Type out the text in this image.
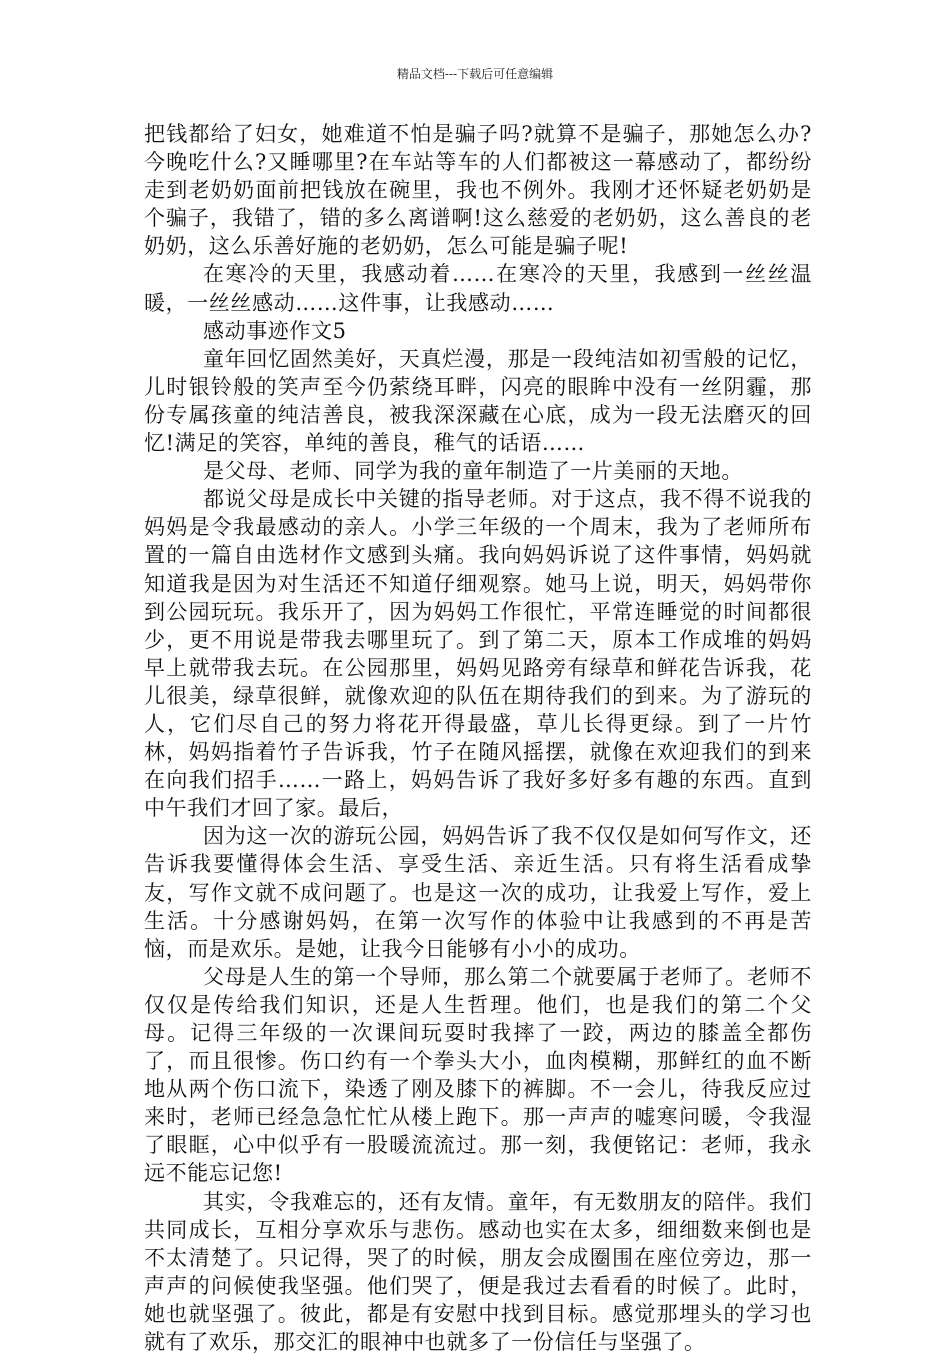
精品文档---下载后可任意编辑

把钱都给了妇女，她难道不怕是骗子吗?就算不是骗子，那她怎么办?今晚吃什么?又睡哪里?在车站等车的人们都被这一幕感动了，都纷纷走到老奶奶面前把钱放在碗里，我也不例外。我刚才还怀疑老奶奶是个骗子，我错了，错的多么离谱啊!这么慈爱的老奶奶，这么善良的老奶奶，这么乐善好施的老奶奶，怎么可能是骗子呢!

在寒冷的天里，我感动着……在寒冷的天里，我感到一丝丝温暖，一丝丝感动……这件事，让我感动……

感动事迹作文5

童年回忆固然美好，天真烂漫，那是一段纯洁如初雪般的记忆，儿时银铃般的笑声至今仍萦绕耳畔，闪亮的眼眸中没有一丝阴霾，那份专属孩童的纯洁善良，被我深深藏在心底，成为一段无法磨灭的回忆!满足的笑容，单纯的善良，稚气的话语……

是父母、老师、同学为我的童年制造了一片美丽的天地。

都说父母是成长中关键的指导老师。对于这点，我不得不说我的妈妈是令我最感动的亲人。小学三年级的一个周末，我为了老师所布置的一篇自由选材作文感到头痛。我向妈妈诉说了这件事情，妈妈就知道我是因为对生活还不知道仔细观察。她马上说，明天，妈妈带你到公园玩玩。我乐开了，因为妈妈工作很忙，平常连睡觉的时间都很少，更不用说是带我去哪里玩了。到了第二天，原本工作成堆的妈妈早上就带我去玩。在公园那里，妈妈见路旁有绿草和鲜花告诉我，花儿很美，绿草很鲜，就像欢迎的队伍在期待我们的到来。为了游玩的人，它们尽自己的努力将花开得最盛，草儿长得更绿。到了一片竹林，妈妈指着竹子告诉我，竹子在随风摇摆，就像在欢迎我们的到来在向我们招手……一路上，妈妈告诉了我好多好多有趣的东西。直到中午我们才回了家。最后，

因为这一次的游玩公园，妈妈告诉了我不仅仅是如何写作文，还告诉我要懂得体会生活、享受生活、亲近生活。只有将生活看成挚友，写作文就不成问题了。也是这一次的成功，让我爱上写作，爱上生活。十分感谢妈妈，在第一次写作的体验中让我感到的不再是苦恼，而是欢乐。是她，让我今日能够有小小的成功。

父母是人生的第一个导师，那么第二个就要属于老师了。老师不仅仅是传给我们知识，还是人生哲理。他们，也是我们的第二个父母。记得三年级的一次课间玩耍时我摔了一跤，两边的膝盖全都伤了，而且很惨。伤口约有一个拳头大小，血肉模糊，那鲜红的血不断地从两个伤口流下，染透了刚及膝下的裤脚。不一会儿，待我反应过来时，老师已经急急忙忙从楼上跑下。那一声声的嘘寒问暖，令我湿了眼眶，心中似乎有一股暖流流过。那一刻，我便铭记：老师，我永远不能忘记您!

其实，令我难忘的，还有友情。童年，有无数朋友的陪伴。我们共同成长，互相分享欢乐与悲伤。感动也实在太多，细细数来倒也是不太清楚了。只记得，哭了的时候，朋友会成圈围在座位旁边，那一声声的问候使我坚强。他们哭了，便是我过去看看的时候了。此时，她也就坚强了。彼此，都是有安慰中找到目标。感觉那埋头的学习也就有了欢乐，那交汇的眼神中也就多了一份信任与坚强了。
